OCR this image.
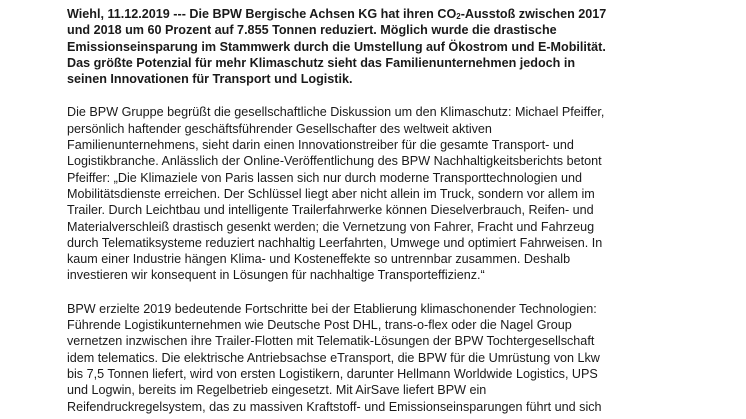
Wiehl, 11.12.2019 --- Die BPW Bergische Achsen KG hat ihren $CO_2$-Ausstoß zwischen 2017
und 2018 um 60 Prozent auf 7.855 Tonnen reduziert. Möglich wurde die drastische
Emissionseinsparung im Stammwerk durch die Umstellung auf Ökostrom und E-Mobilität.
Das größte Potenzial für mehr Klimaschutz sieht das Familienunternehmen jedoch in
seinen Innovationen für Transport und Logistik.

Die BPW Gruppe begrüßt die gesellschaftliche Diskussion um den Klimaschutz: Michael Pfeiffer,
persönlich haftender geschäftsführender Gesellschafter des weltweit aktiven
Familienunternehmens, sieht darin einen Innovationstreiber für die gesamte Transport- und
Logistikbranche. Anlässlich der Online-Veröffentlichung des BPW Nachhaltigkeitsberichts betont
Pfeiffer: „Die Klimaziele von Paris lassen sich nur durch moderne Transporttechnologien und
Mobilitätsdienste erreichen. Der Schlüssel liegt aber nicht allein im Truck, sondern vor allem im
Trailer. Durch Leichtbau und intelligente Trailerfahrwerke können Dieselverbrauch, Reifen- und
Materialverschleiß drastisch gesenkt werden; die Vernetzung von Fahrer, Fracht und Fahrzeug
durch Telematiksysteme reduziert nachhaltig Leerfahrten, Umwege und optimiert Fahrweisen. In
kaum einer Industrie hängen Klima- und Kosteneffekte so untrennbar zusammen. Deshalb
investieren wir konsequent in Lösungen für nachhaltige Transporteffizienz.“

BPW erzielte 2019 bedeutende Fortschritte bei der Etablierung klimaschonender Technologien:
Führende Logistikunternehmen wie Deutsche Post DHL, trans-o-flex oder die Nagel Group
vernetzen inzwischen ihre Trailer-Flotten mit Telematik-Lösungen der BPW Tochtergesellschaft
idem telematics. Die elektrische Antriebsachse eTransport, die BPW für die Umrüstung von Lkw
bis 7,5 Tonnen liefert, wird von ersten Logistikern, darunter Hellmann Worldwide Logistics, UPS
und Logwin, bereits im Regelbetrieb eingesetzt. Mit AirSave liefert BPW ein
Reifendruckregelsystem, das zu massiven Kraftstoff- und Emissionseinsparungen führt und sich
